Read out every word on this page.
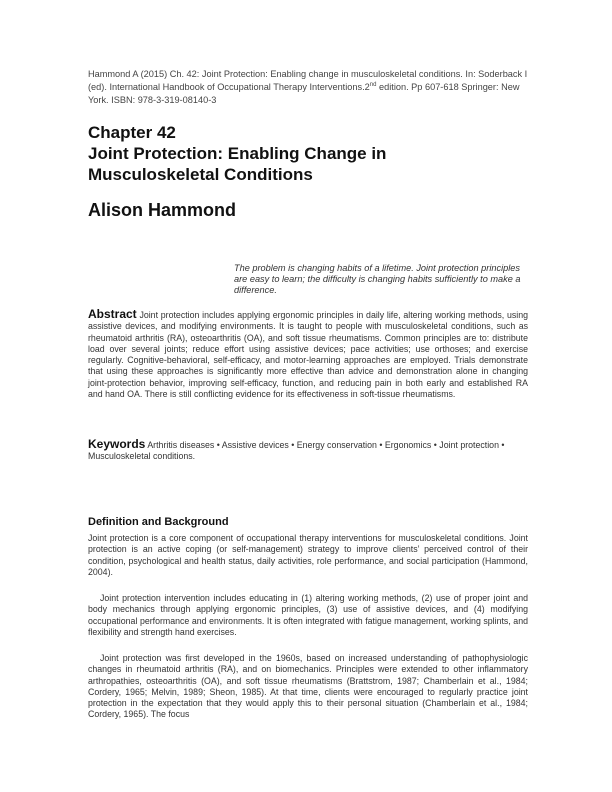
Hammond A (2015) Ch. 42: Joint Protection: Enabling change in musculoskeletal conditions. In: Soderback I (ed). International Handbook of Occupational Therapy Interventions.2nd edition. Pp 607-618 Springer: New York. ISBN: 978-3-319-08140-3
Chapter 42
Joint Protection: Enabling Change in
Musculoskeletal Conditions
Alison Hammond
The problem is changing habits of a lifetime. Joint protection principles are easy to learn; the difficulty is changing habits sufficiently to make a difference.
Abstract Joint protection includes applying ergonomic principles in daily life, altering working methods, using assistive devices, and modifying environments. It is taught to people with musculoskeletal conditions, such as rheumatoid arthritis (RA), osteoarthritis (OA), and soft tissue rheumatisms. Common principles are to: distribute load over several joints; reduce effort using assistive devices; pace activities; use orthoses; and exercise regularly. Cognitive-behavioral, self-efficacy, and motor-learning approaches are employed. Trials demonstrate that using these approaches is significantly more effective than advice and demonstration alone in changing joint-protection behavior, improving self-efficacy, function, and reducing pain in both early and established RA and hand OA. There is still conflicting evidence for its effectiveness in soft-tissue rheumatisms.
Keywords Arthritis diseases • Assistive devices • Energy conservation • Ergonomics • Joint protection • Musculoskeletal conditions.
Definition and Background
Joint protection is a core component of occupational therapy interventions for musculoskeletal conditions. Joint protection is an active coping (or self-management) strategy to improve clients’ perceived control of their condition, psychological and health status, daily activities, role performance, and social participation (Hammond, 2004).
Joint protection intervention includes educating in (1) altering working methods, (2) use of proper joint and body mechanics through applying ergonomic principles, (3) use of assistive devices, and (4) modifying occupational performance and environments. It is often integrated with fatigue management, working splints, and flexibility and strength hand exercises.
Joint protection was first developed in the 1960s, based on increased understanding of pathophysiologic changes in rheumatoid arthritis (RA), and on biomechanics. Principles were extended to other inflammatory arthropathies, osteoarthritis (OA), and soft tissue rheumatisms (Brattstrom, 1987; Chamberlain et al., 1984; Cordery, 1965; Melvin, 1989; Sheon, 1985). At that time, clients were encouraged to regularly practice joint protection in the expectation that they would apply this to their personal situation (Chamberlain et al., 1984; Cordery, 1965). The focus
